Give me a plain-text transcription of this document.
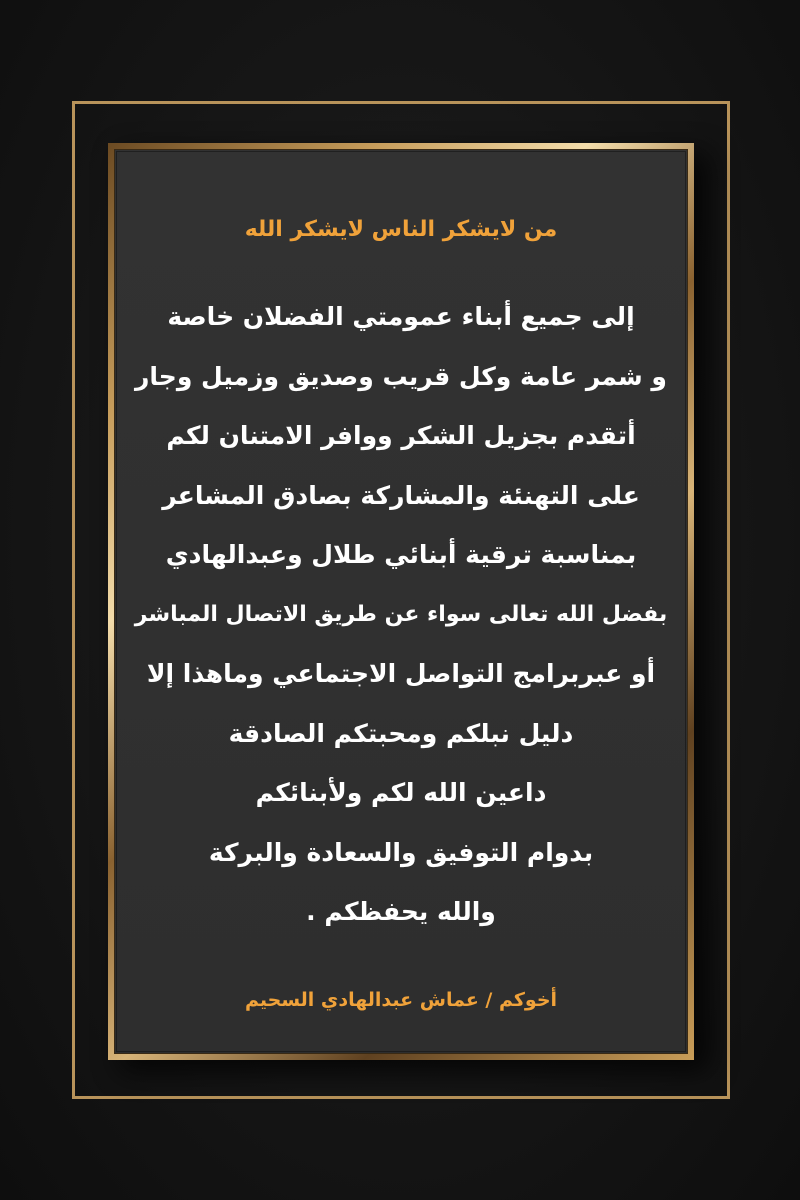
من لايشكر الناس لايشكر الله
إلى جميع أبناء عمومتي الفضلان خاصة
و شمر عامة وكل قريب وصديق وزميل وجار
أتقدم بجزيل الشكر ووافر الامتنان لكم
على التهنئة والمشاركة بصادق المشاعر
بمناسبة ترقية أبنائي طلال وعبدالهادي
بفضل الله تعالى سواء عن طريق الاتصال المباشر
أو عبربرامج التواصل الاجتماعي وماهذا إلا
دليل نبلكم ومحبتكم الصادقة
داعين الله لكم ولأبنائكم
بدوام التوفيق والسعادة والبركة
والله يحفظكم .
أخوكم / عماش عبدالهادي السحيم
